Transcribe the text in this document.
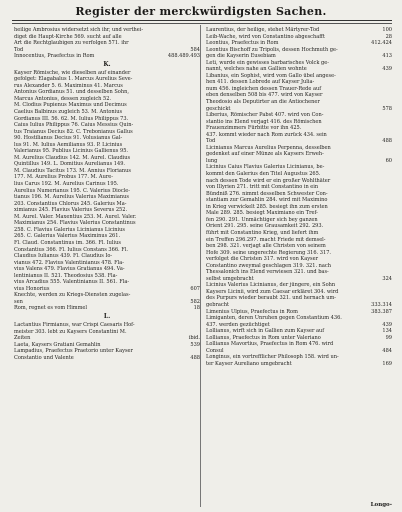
Register der merckwürdigsten Sachen.
heilige Ambrosius widersetzt sich ihr, und verthei-
diget die Haupt-Kirche 569. sucht auf alle
Art die Rechtglaubigen zu verfolgen 571. ihr
584
Tod
488.489.493
Innocentius, Praefectus in Rom
K.
Kayser Römische, wie dieselben auf einander
gefolget: Elagabalus 1. Marcus Aurelius Seve-
rus Alexander 5. 6. Maximinus 41. Marcus
Antonius Gordianus 51. und desselben Sohn,
Marcus Antonius, dessen zugleich 52.
M. Clodius Pupienus Maximus und Decimus
Caelius Balbinus zugleich 53. M. Antonius
Gordianus III. 56. 62. M. Iulius Philippus 73.
Caius Iulius Philippus 76. Caius Messius Quin-
tus Traianus Decius 82. C. Trebonianus Gallus
90. Hostilianus Decius 91. Volusianus Gal-
lus 91. M. Iulius Aemilianus 93. P. Licinius
Valerianus 95. Publius Licinius Gallienus 95.
M. Aurelius Claudius 142. M. Aurel. Claudius
Quintillus 149. L. Domitius Aurelianus 149.
M. Claudius Tacitus 173. M. Annius Florianus
177. M. Aurelius Probus 177. M. Aure-
lius Carus 192. M. Aurelius Carinus 195.
Aurelius Numerianus 195. C. Valerius Diocle-
tianus 196. M. Aurelius Valerius Maximianus
203. Constantius Chlorus 245. Galerius Ma-
ximianus 245. Flavius Valerius Severus 252.
M. Aurel. Valer. Maxentius 253. M. Aurel. Valer.
Maximianus 254. Flavius Valerius Constantinus
258. C. Flavius Galerius Licinianus Licinius
265. C. Galerius Valerius Maximinus 261.
Fl. Claud. Constantinus im. 366. Fl. Iulius
Constantius 366. Fl. Iulius Constans 366. Fl.
Claudius Iulianus 439. Fl. Claudius Io-
vianus 472. Flavius Valentinianus 478. Fla-
vius Valens 479. Flavius Gratianus 494. Va-
lentinianus II. 521. Theodosius 538. Fla-
vius Arcadius 555. Valentinianus II. 561. Fla-
607
vius Honorius
Knechte, werden zu Kriegs-Diensten zugelas-
582
sen
18
Rom, regnet es vom Himmel
L.
Lactantius Firmianus, war Crispi Caesaris Hof-
meister 303. lebt zu Kaysers Constantini M.
ibid.
Zeiten
539
Laeta, Kaysers Gratiani Gemahlin
Lampadius, Praefectus Praetorio unter Kayser
488
Constantio und Valente
100
Laurentius, der heilige, stehet Märtyrer-Tod
28
Leib-Wache, wird von Constantino abgeschafft
412.424
Leontius, Praefectus in Rom
Leontius Bischoff zu Tripolis, dessen Hochmuth ge-
413
gen die Kayserin Eusebiam
Leti, wurde ein gewisses barbarisches Volck ge-
439
nannt, welches nahe an Gallien wohnte
Libanius, ein Sophist, wird vom Gallo übel angese-
hen 411. dessen Lobrede auf Kayser Julia-
num 456. ingleichen dessen Trauer-Rede auf
eben denselben 508 bis 477. wird von Kayser
Theodosio als Deputirter an die Antiochener
578
geschickt
Liberius, Römischer Pabst 407. wird von Con-
stantio ins Elend verjagt 416. des Römischen
Frauenzimmers Fürbitte vor ihn 425.
437. kommt wieder nach Rom zurück 434. sein
488
Tod
Licinianus Marcus Aurelius Perpenna, desselben
gedenket auf einer Münze als Kaysers Erweh-
60
lung
Licinius Caius Flavius Galerius Licinianus, be-
kommt den Galerius den Titel Augustus 265.
nach dessen Tode wird er ein großer Wohlthäter
von Illyrien 271. tritt mit Constantino in ein
Bündniß 276. nimmt desselben Schwester Con-
stantiam zur Gemahlin 284. wird mit Maximino
in Krieg verwickelt 285. besiegt ihn zum ersten
Male 289. 285. besiegt Maximiano ein Tref-
fen 290. 291. Unmächtiger sich bey ganzen
Orient 291. 295. seine Grausamkeit 292. 293.
führt mit Constantino Krieg, und liefert ihm
ein Treffen 296.297. macht Friede mit demsel-
ben 298. 321. verjagt alle Christen von seinem
Hofe 309. seine ungerechte Regierung 316. 317.
verfolget die Christen 317. wird von Kayser
Constantino zweymal geschlagen 319. 321. nach
Thessalonich ins Elend verwiesen 321. und bas-
324
selbst umgebracht
Licinius Valerius Licinianus, der jüngere, ein Sohn
Kaysers Licinii, wird zum Caesar erkläret 304. wird
des Purpurs wieder beraubt 321. und hernach um-
333.314
gebracht
383.387
Limenius Ulpius, Praefectus in Rom
Limiganten, deren Unruhen gegen Constantium 436.
439
437. werden gezüchtiget
134
Lollianus, wirft sich in Gallien zum Kayser auf
99
Lollianus, Praefectus in Rom unter Valeriano
Lollianus Mavortius, Praefectus in Rom 476. wird
484
Consul
Longinus, ein vortrefflicher Philosoph 158. wird un-
169
ter Kayser Aureliano umgebracht
Longo-
